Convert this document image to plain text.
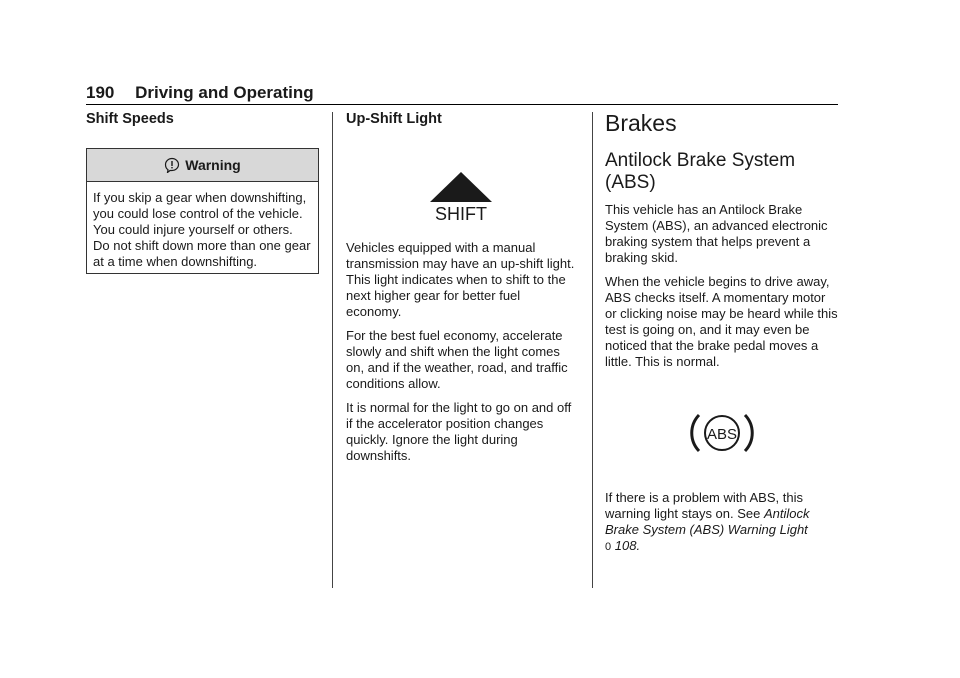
190 Driving and Operating
Shift Speeds
Warning

If you skip a gear when downshifting, you could lose control of the vehicle. You could injure yourself or others. Do not shift down more than one gear at a time when downshifting.

Up-Shift Light
SHIFT

Vehicles equipped with a manual transmission may have an up-shift light. This light indicates when to shift to the next higher gear for better fuel economy.

For the best fuel economy, accelerate slowly and shift when the light comes on, and if the weather, road, and traffic conditions allow.

It is normal for the light to go on and off if the accelerator position changes quickly. Ignore the light during downshifts.

Brakes
Antilock Brake System (ABS)

This vehicle has an Antilock Brake System (ABS), an advanced electronic braking system that helps prevent a braking skid.

When the vehicle begins to drive away, ABS checks itself. A momentary motor or clicking noise may be heard while this test is going on, and it may even be noticed that the brake pedal moves a little. This is normal.

ABS

If there is a problem with ABS, this warning light stays on. See Antilock Brake System (ABS) Warning Light
0 108.
